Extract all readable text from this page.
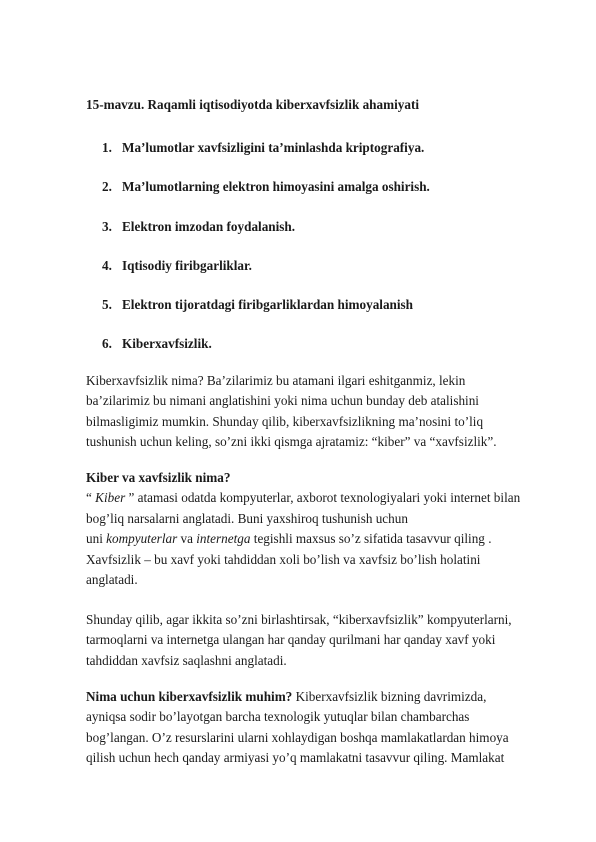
15-mavzu. Raqamli iqtisodiyotda kiberxavfsizlik ahamiyati
1. Ma’lumotlar xavfsizligini ta’minlashda kriptografiya.
2. Ma’lumotlarning elektron himoyasini amalga oshirish.
3. Elektron imzodan foydalanish.
4. Iqtisodiy firibgarliklar.
5. Elektron tijoratdagi firibgarliklardan himoyalanish
6. Kiberxavfsizlik.
Kiberxavfsizlik nima? Ba’zilarimiz bu atamani ilgari eshitganmiz, lekin
ba’zilarimiz bu nimani anglatishini yoki nima uchun bunday deb atalishini
bilmasligimiz mumkin. Shunday qilib, kiberxavfsizlikning ma’nosini to’liq
tushunish uchun keling, so’zni ikki qismga ajratamiz: “kiber” va “xavfsizlik”.
Kiber va xavfsizlik nima?
“ Kiber ” atamasi odatda kompyuterlar, axborot texnologiyalari yoki internet bilan
bog’liq narsalarni anglatadi. Buni yaxshiroq tushunish uchun
uni kompyuterlar va internetga tegishli maxsus so’z sifatida tasavvur qiling .
Xavfsizlik – bu xavf yoki tahdiddan xoli bo’lish va xavfsiz bo’lish holatini
anglatadi.
Shunday qilib, agar ikkita so’zni birlashtirsak, “kiberxavfsizlik” kompyuterlarni,
tarmoqlarni va internetga ulangan har qanday qurilmani har qanday xavf yoki
tahdiddan xavfsiz saqlashni anglatadi.
Nima uchun kiberxavfsizlik muhim? Kiberxavfsizlik bizning davrimizda,
ayniqsa sodir bo’layotgan barcha texnologik yutuqlar bilan chambarchas
bog’langan. O’z resurslarini ularni xohlaydigan boshqa mamlakatlardan himoya
qilish uchun hech qanday armiyasi yo’q mamlakatni tasavvur qiling. Mamlakat
